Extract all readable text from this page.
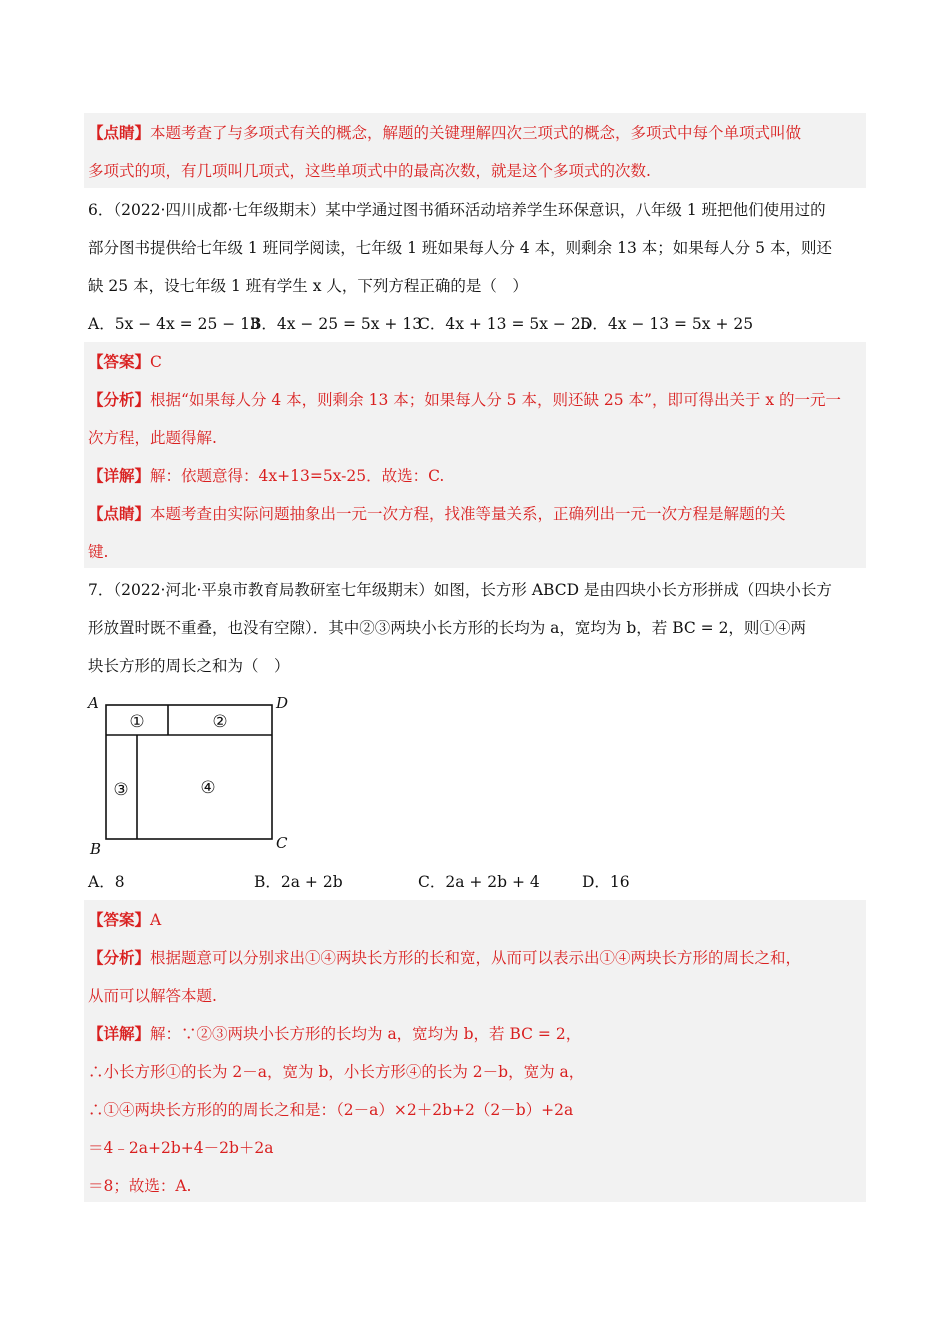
【点睛】本题考查了与多项式有关的概念，解题的关键理解四次三项式的概念，多项式中每个单项式叫做
多项式的项，有几项叫几项式，这些单项式中的最高次数，就是这个多项式的次数.
6．（2022·四川成都·七年级期末）某中学通过图书循环活动培养学生环保意识，八年级 1 班把他们使用过的
部分图书提供给七年级 1 班同学阅读，七年级 1 班如果每人分 4 本，则剩余 13 本；如果每人分 5 本，则还
缺 25 本，设七年级 1 班有学生 x 人，下列方程正确的是（　）
A．5x − 4x = 25 − 13
B．4x − 25 = 5x + 13
C．4x + 13 = 5x − 25
D．4x − 13 = 5x + 25
【答案】C
【分析】根据“如果每人分 4 本，则剩余 13 本；如果每人分 5 本，则还缺 25 本”，即可得出关于 x 的一元一
次方程，此题得解.
【详解】解：依题意得：4x+13=5x-25．故选：C.
【点睛】本题考查由实际问题抽象出一元一次方程，找准等量关系，正确列出一元一次方程是解题的关
键.
7．（2022·河北·平泉市教育局教研室七年级期末）如图，长方形 ABCD 是由四块小长方形拼成（四块小长方
形放置时既不重叠，也没有空隙）．其中②③两块小长方形的长均为 a，宽均为 b，若 BC = 2，则①④两
块长方形的周长之和为（　）
A	D
B	C
①	②
③	④
A．8	B．2a + 2b	C．2a + 2b + 4	D．16
【答案】A
【分析】根据题意可以分别求出①④两块长方形的长和宽，从而可以表示出①④两块长方形的周长之和，
从而可以解答本题.
【详解】解：∵②③两块小长方形的长均为 a，宽均为 b，若 BC = 2，
∴小长方形①的长为 2－a，宽为 b，小长方形④的长为 2－b，宽为 a，
∴①④两块长方形的的周长之和是：（2－a）×2＋2b+2（2－b）+2a
＝4﹣2a+2b+4－2b＋2a
＝8；故选：A.
